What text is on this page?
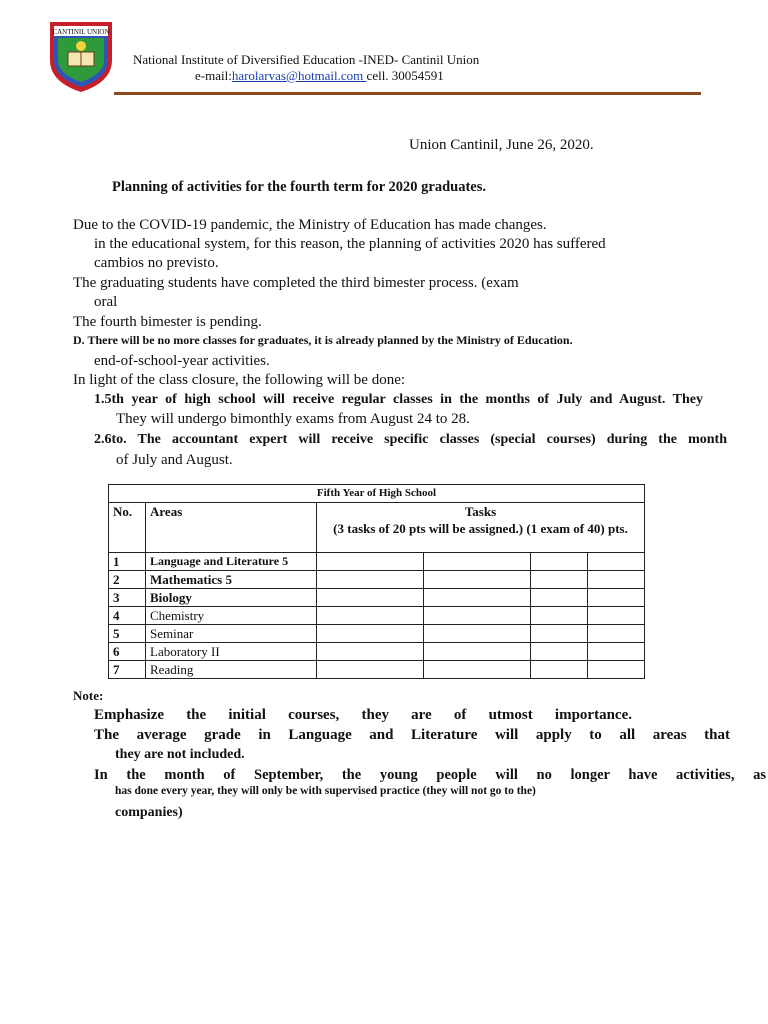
CANTINIL UNION
National Institute of Diversified Education -INED- Cantinil Union
e-mail:harolarvas@hotmail.com cell. 30054591
Union Cantinil, June 26, 2020.
Planning of activities for the fourth term for 2020 graduates.
Due to the COVID-19 pandemic, the Ministry of Education has made changes.
in the educational system, for this reason, the planning of activities 2020 has suffered
cambios no previsto.
The graduating students have completed the third bimester process. (exam
oral
The fourth bimester is pending.
D. There will be no more classes for graduates, it is already planned by the Ministry of Education.
end-of-school-year activities.
In light of the class closure, the following will be done:
1.5th year of high school will receive regular classes in the months of July and August. They
They will undergo bimonthly exams from August 24 to 28.
2.6to. The accountant expert will receive specific classes (special courses) during the month
of July and August.
Fifth Year of High School					
No.	Areas	Tasks
(3 tasks of 20 pts will be assigned.) (1 exam of 40) pts.			

1	Language and Literature 5				
2	Mathematics 5				
3	Biology				
4	Chemistry				
5	Seminar				
6	Laboratory II				
7	Reading				
Note:
Emphasize the initial courses, they are of utmost importance.
The average grade in Language and Literature will apply to all areas that
they are not included.
In the month of September, the young people will no longer have activities, as
has done every year, they will only be with supervised practice (they will not go to the)
companies)
